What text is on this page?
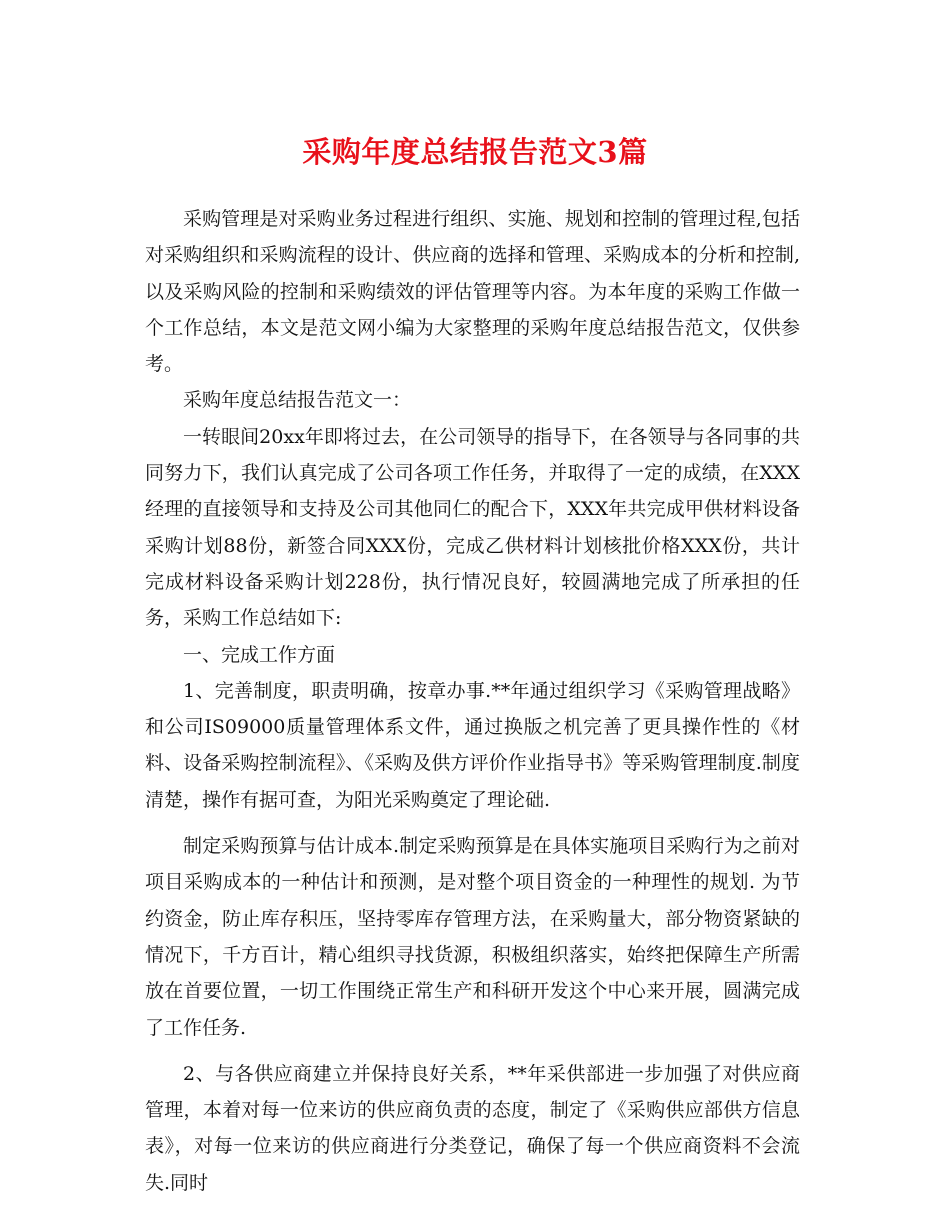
采购年度总结报告范文3篇

采购管理是对采购业务过程进行组织、实施、规划和控制的管理过程,包括对采购组织和采购流程的设计、供应商的选择和管理、采购成本的分析和控制,以及采购风险的控制和采购绩效的评估管理等内容。为本年度的采购工作做一个工作总结，本文是范文网小编为大家整理的采购年度总结报告范文，仅供参考。

采购年度总结报告范文一：

一转眼间20xx年即将过去，在公司领导的指导下，在各领导与各同事的共同努力下，我们认真完成了公司各项工作任务，并取得了一定的成绩，在XXX经理的直接领导和支持及公司其他同仁的配合下，XXX年共完成甲供材料设备采购计划88份，新签合同XXX份，完成乙供材料计划核批价格XXX份，共计完成材料设备采购计划228份，执行情况良好，较圆满地完成了所承担的任务，采购工作总结如下:

一、完成工作方面

1、完善制度，职责明确，按章办事.**年通过组织学习《采购管理战略》和公司IS09000质量管理体系文件，通过换版之机完善了更具操作性的《材料、设备采购控制流程》、《采购及供方评价作业指导书》等采购管理制度.制度清楚，操作有据可查，为阳光采购奠定了理论础.

制定采购预算与估计成本.制定采购预算是在具体实施项目采购行为之前对项目采购成本的一种估计和预测，是对整个项目资金的一种理性的规划. 为节约资金，防止库存积压，坚持零库存管理方法，在采购量大，部分物资紧缺的情况下，千方百计，精心组织寻找货源，积极组织落实，始终把保障生产所需放在首要位置，一切工作围绕正常生产和科研开发这个中心来开展，圆满完成了工作任务.

2、与各供应商建立并保持良好关系，**年采供部进一步加强了对供应商管理，本着对每一位来访的供应商负责的态度，制定了《采购供应部供方信息表》，对每一位来访的供应商进行分类登记，确保了每一个供应商资料不会流失.同时
